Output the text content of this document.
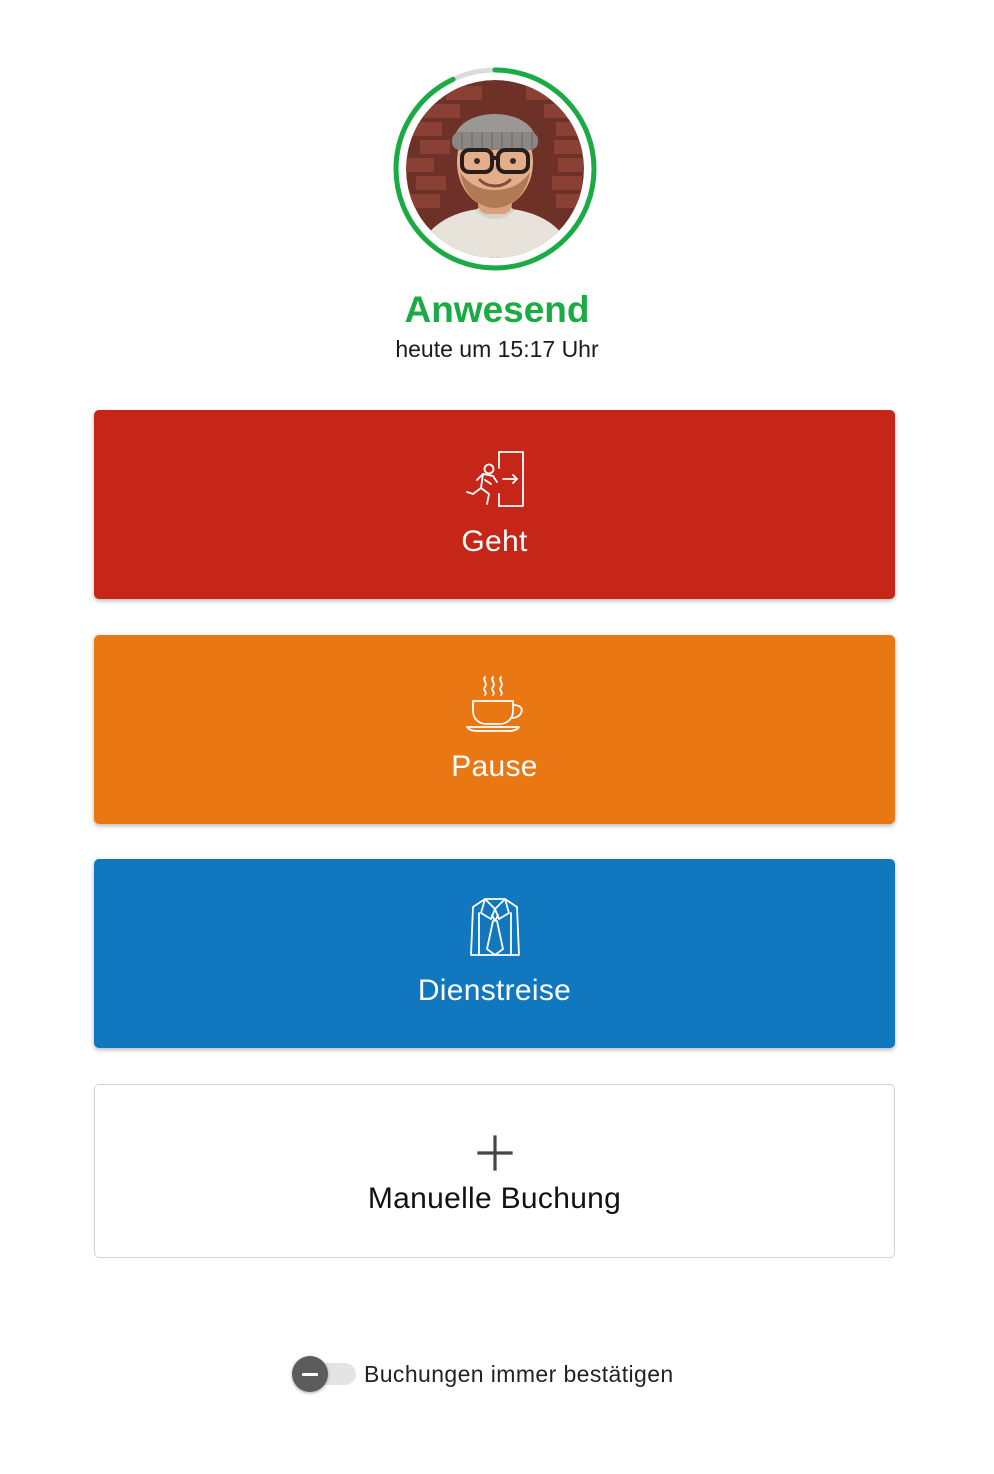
Anwesend
heute um 15:17 Uhr
Geht
Pause
Dienstreise
Manuelle Buchung
Buchungen immer bestätigen
